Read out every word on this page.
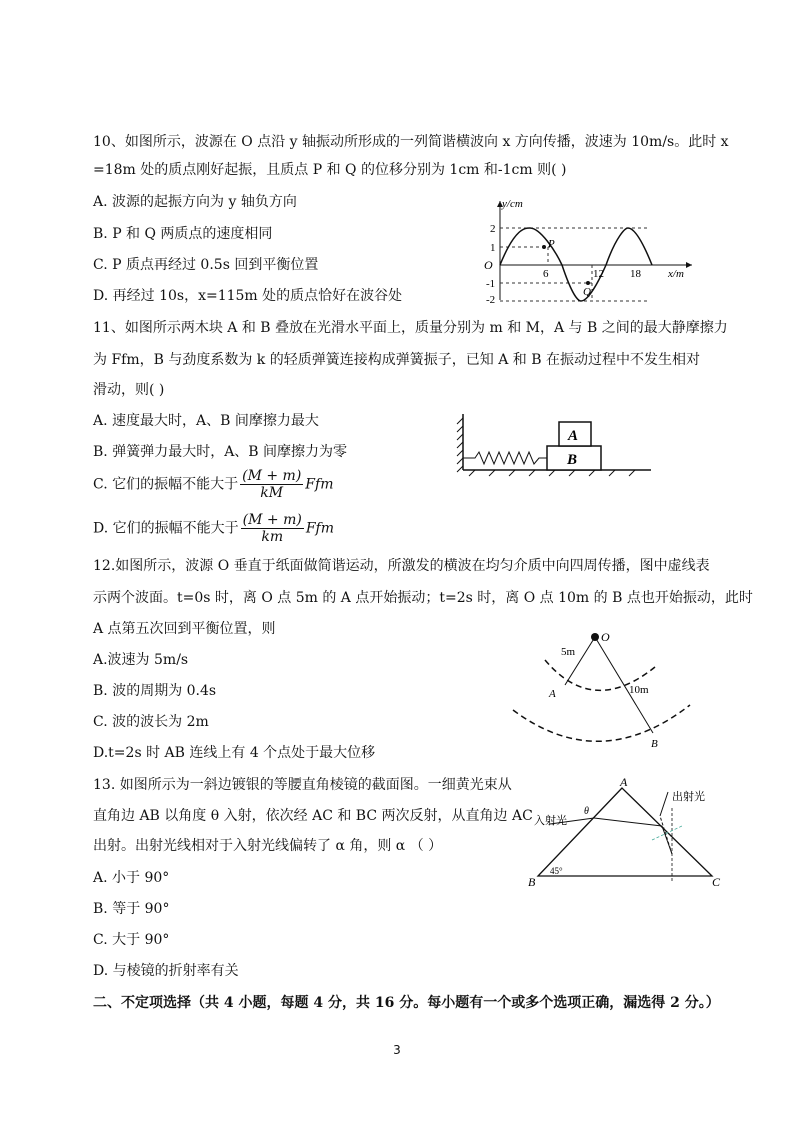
10、如图所示，波源在 O 点沿 y 轴振动所形成的一列简谐横波向 x 方向传播，波速为 10m/s。此时 x
=18m 处的质点刚好起振，且质点 P 和 Q 的位移分别为 1cm 和-1cm 则( )
A. 波源的起振方向为 y 轴负方向
B. P 和 Q 两质点的速度相同
C. P 质点再经过 0.5s 回到平衡位置
D. 再经过 10s，x=115m 处的质点恰好在波谷处
y/cm
x/m
O
2
1
-1
-2
6	12 18
P
Q
11、如图所示两木块 A 和 B 叠放在光滑水平面上，质量分别为 m 和 M，A 与 B 之间的最大静摩擦力
为 Ffm，B 与劲度系数为 k 的轻质弹簧连接构成弹簧振子，已知 A 和 B 在振动过程中不发生相对
滑动，则( )
A. 速度最大时，A、B 间摩擦力最大
B. 弹簧弹力最大时，A、B 间摩擦力为零
C. 它们的振幅不能大于 $\frac{(M + m)}{kM}$ Ffm
D. 它们的振幅不能大于 $\frac{(M + m)}{km}$ Ffm
A
B
12.如图所示，波源 O 垂直于纸面做简谐运动，所激发的横波在均匀介质中向四周传播，图中虚线表
示两个波面。t=0s 时，离 O 点 5m 的 A 点开始振动；t=2s 时，离 O 点 10m 的 B 点也开始振动，此时
A 点第五次回到平衡位置，则
A.波速为 5m/s
B. 波的周期为 0.4s
C. 波的波长为 2m
D.t=2s 时 AB 连线上有 4 个点处于最大位移
O
5m
10m
A
B
13. 如图所示为一斜边镀银的等腰直角棱镜的截面图。一细黄光束从
直角边 AB 以角度 θ 入射，依次经 AC 和 BC 两次反射，从直角边 AC
出射。出射光线相对于入射光线偏转了 α 角，则 α （ ）
A. 小于 90°
B. 等于 90°
C. 大于 90°
D. 与棱镜的折射率有关
A
B	C
入射光
出射光
θ
45°
二、不定项选择（共 4 小题，每题 4 分，共 16 分。每小题有一个或多个选项正确，漏选得 2 分。）
3
